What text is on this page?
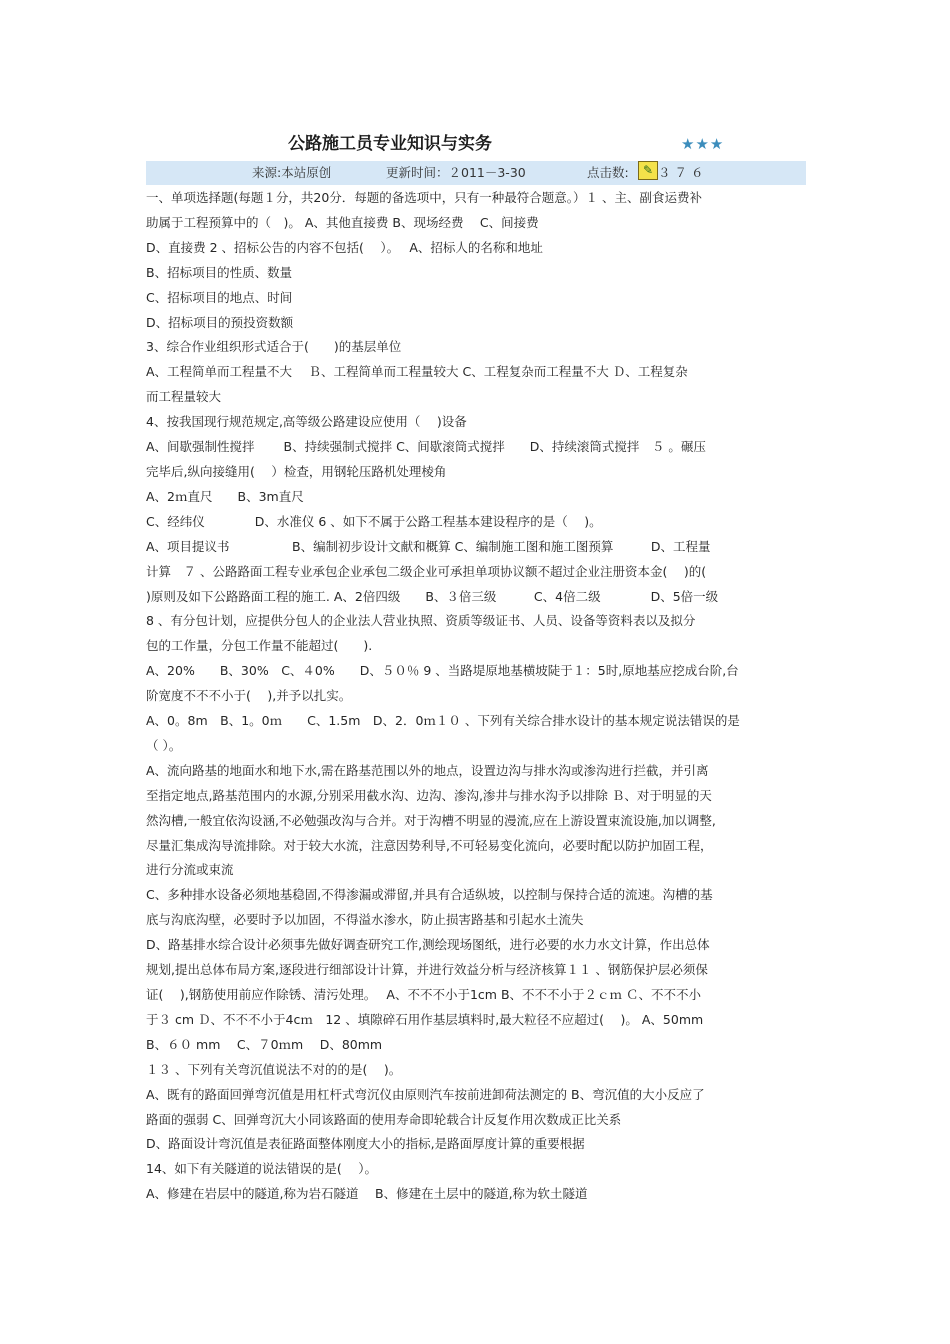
公路施工员专业知识与实务	★★★
来源:本站原创	更新时间：２011－3-30	点击数:	✎ ３７６

一、单项选择题(每题１分，共20分．每题的备选项中，只有一种最符合题意。）１ ﻿、主、副食运费补

助属于工程预算中的（　)。 ﻿A、其他直接费 ﻿B、现场经费　 ﻿C、间接费

D、直接费 2 ﻿、招标公告的内容不包括(　 ）。　 ﻿A、招标人的名称和地址

B、招标项目的性质、数量

C、招标项目的地点、时间

D、招标项目的预投资数额

3、综合作业组织形式适合于(　　)的基层单位

A、工程简单而工程量不大　 ﻿Ｂ、工程简单而工程量较大 ﻿C、工程复杂而工程量不大 ﻿Ｄ、工程复杂

而工程量较大

4、按我国现行规范规定,高等级公路建设应使用（　 )设备

A、间歇强制性搅拌　　 B、持续强制式搅拌 ﻿C、间歇滚筒式搅拌　　D、持续滚筒式搅拌　５ ﻿。碾压

完毕后,纵向接缝用(　 ）检查，用钢轮压路机处理棱角

A、2ｍ直尺　　B、3m直尺

C、经纬仪　　　　D、水准仪 6 ﻿、如下不属于公路工程基本建设程序的是（　 )。

A、项目提议书　　　　　B、编制初步设计文献和概算 ﻿C、编制施工图和施工图预算　　　D、工程量

计算　７ ﻿、公路路面工程专业承包企业承包二级企业可承担单项协议额不超过企业注册资本金(　 )的(

)原则及如下公路路面工程的施工. ﻿A、2倍四级　　B、３倍三级　　　C、4倍二级　　　　D、5倍一级 ﻿

8 、有分包计划，应提供分包人的企业法人营业执照、资质等级证书、人员、设备等资料表以及拟分

包的工作量，分包工作量不能超过(　　).

A、20%　　B、30%　C、４0%　　D、５０％ 9 ﻿、当路堤原地基横坡陡于１：5时,原地基应挖成台阶,台

阶宽度不不不小于(　 ),并予以扎实。

A、0。8m　B、1。0ｍ　　C、1.5m　D、2．0ｍ１０ ﻿、下列有关综合排水设计的基本规定说法错误的是

（ ）。

A、流向路基的地面水和地下水,需在路基范围以外的地点，设置边沟与排水沟或渗沟进行拦截，并引离

至指定地点,路基范围内的水源,分别采用截水沟、边沟、渗沟,渗井与排水沟予以排除 ﻿Ｂ、对于明显的天

然沟槽,一般宜依沟设涵,不必勉强改沟与合并。对于沟槽不明显的漫流,应在上游设置束流设施,加以调整,

尽量汇集成沟导流排除。对于较大水流，注意因势利导,不可轻易变化流向，必要时配以防护加固工程，

进行分流或束流

C、多种排水设备必须地基稳固,不得渗漏或滞留,并具有合适纵坡，以控制与保持合适的流速。沟槽的基

底与沟底沟壁，必要时予以加固，不得溢水渗水，防止损害路基和引起水土流失

D、路基排水综合设计必须事先做好调查研究工作,测绘现场图纸，进行必要的水力水文计算，作出总体

规划,提出总体布局方案,逐段进行细部设计计算，并进行效益分析与经济核算１１ ﻿、钢筋保护层必须保

证(　 ),钢筋使用前应作除锈、清污处理。　 ﻿A、不不不小于1cm B、不不不小于２ｃｍ Ｃ、不不不小

于３ cm Ｄ、不不不小于4cｍ　12 ﻿、填隙碎石用作基层填料时,最大粒径不应超过(　 )。 ﻿A、50mm

B、６０ mm　 C、７0ｍm　 D、80mm

１３ 、下列有关弯沉值说法不对的的是(　 )。

A、既有的路面回弹弯沉值是用杠杆式弯沉仪由原则汽车按前进卸荷法测定的 ﻿B、弯沉值的大小反应了

路面的强弱 ﻿C、回弹弯沉大小同该路面的使用寿命即轮载合计反复作用次数成正比关系

D、路面设计弯沉值是表征路面整体刚度大小的指标,是路面厚度计算的重要根据

14、如下有关隧道的说法错误的是(　 ）。

A、修建在岩层中的隧道,称为岩石隧道　 ﻿B、修建在土层中的隧道,称为软土隧道
